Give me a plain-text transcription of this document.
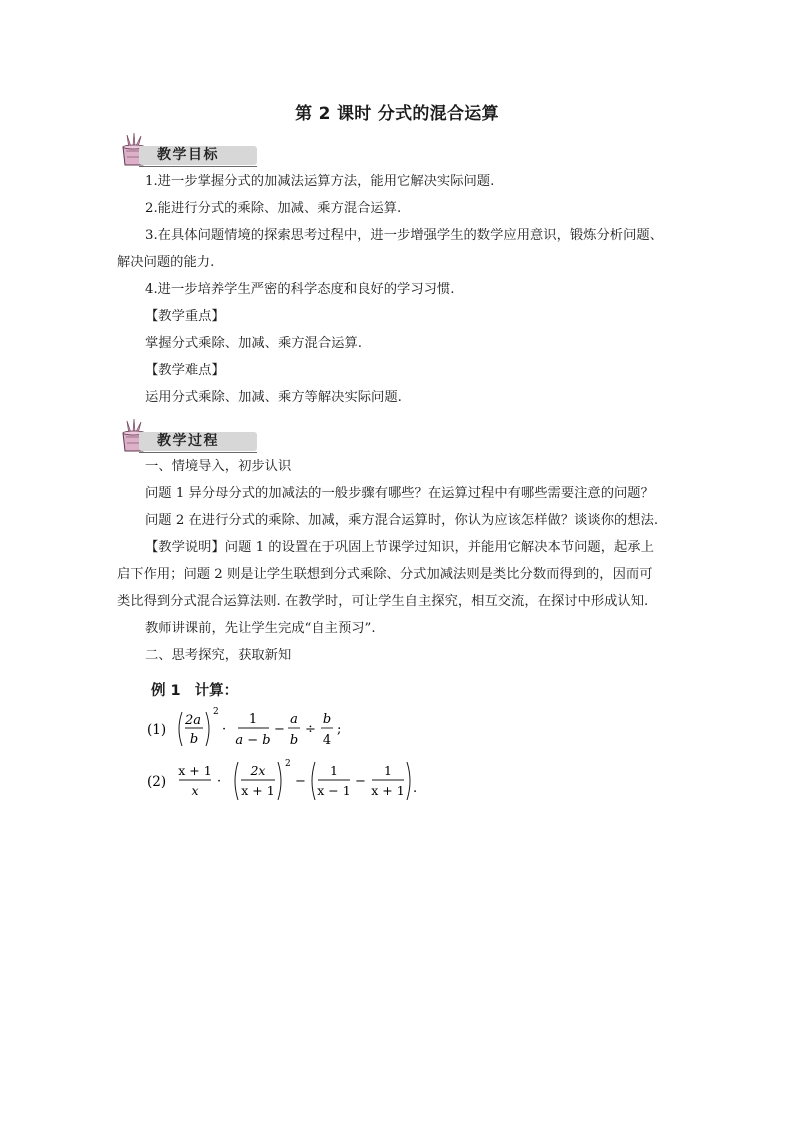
第 2 课时 分式的混合运算
教学目标
1.进一步掌握分式的加减法运算方法，能用它解决实际问题.
2.能进行分式的乘除、加减、乘方混合运算.
3.在具体问题情境的探索思考过程中，进一步增强学生的数学应用意识，锻炼分析问题、
解决问题的能力.
4.进一步培养学生严密的科学态度和良好的学习习惯.
【教学重点】
掌握分式乘除、加减、乘方混合运算.
【教学难点】
运用分式乘除、加减、乘方等解决实际问题.
教学过程
一、情境导入，初步认识
问题 1 异分母分式的加减法的一般步骤有哪些？在运算过程中有哪些需要注意的问题？
问题 2 在进行分式的乘除、加减，乘方混合运算时，你认为应该怎样做？谈谈你的想法.
【教学说明】问题 1 的设置在于巩固上节课学过知识，并能用它解决本节问题，起承上
启下作用；问题 2 则是让学生联想到分式乘除、分式加减法则是类比分数而得到的，因而可
类比得到分式混合运算法则. 在教学时，可让学生自主探究，相互交流，在探讨中形成认知.
教师讲课前，先让学生完成“自主预习”.
二、思考探究，获取新知
例 1 计算：
(1)
2a
b
2
·
1
a − b
−
a
b
÷
b
4
;
(2)
x + 1
x
·
2x
x + 1
2
−
1
x − 1
−
1
x + 1 .
